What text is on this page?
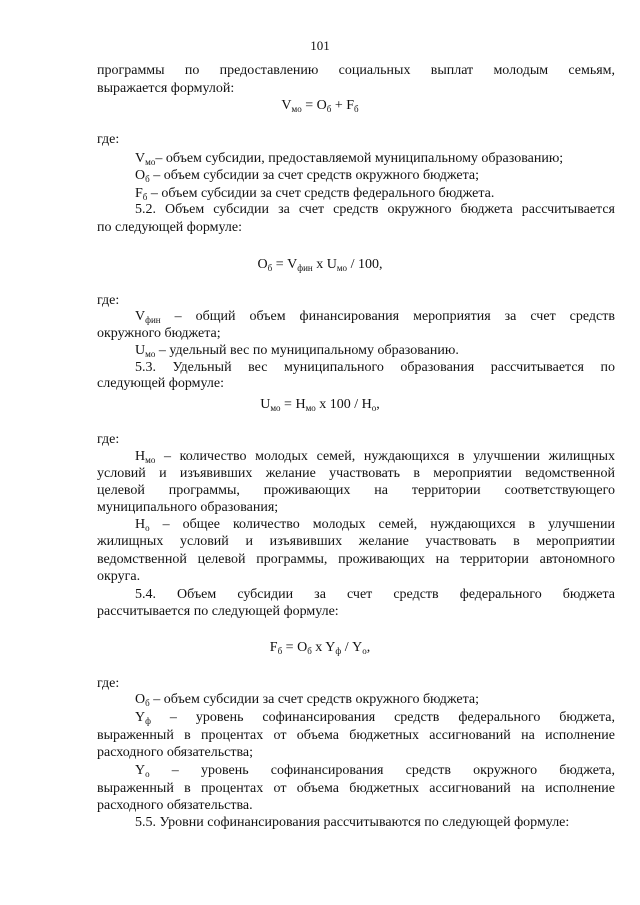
101
программы по предоставлению социальных выплат молодым семьям,
выражается формулой:
$V_{мо} = О_б + F_б$
где:
$V_{мо}-$ объем субсидии, предоставляемой муниципальному образованию;
$О_б$ – объем субсидии за счет средств окружного бюджета;
$F_б$ – объем субсидии за счет средств федерального бюджета.
5.2. Объем субсидии за счет средств окружного бюджета рассчитывается
по следующей формуле:
$О_б = V_{фин}$ x $U_{мо} / 100$,
где:
$V_{фин}$ – общий объем финансирования мероприятия за счет средств
окружного бюджета;
$U_{мо}$ – удельный вес по муниципальному образованию.
5.3. Удельный вес муниципального образования рассчитывается по
следующей формуле:
$U_{мо} = Н_{мо}$ x $100 / Н_о$,
где:
$Н_{мо}$ – количество молодых семей, нуждающихся в улучшении жилищных
условий и изъявивших желание участвовать в мероприятии ведомственной
целевой программы, проживающих на территории соответствующего
муниципального образования;
$Н_о$ – общее количество молодых семей, нуждающихся в улучшении
жилищных условий и изъявивших желание участвовать в мероприятии
ведомственной целевой программы, проживающих на территории автономного
округа.
5.4. Объем субсидии за счет средств федерального бюджета
рассчитывается по следующей формуле:
$F_б = О_б$ x $Y_ф / Y_о$,
где:
$О_б$ – объем субсидии за счет средств окружного бюджета;
$Y_ф$ – уровень софинансирования средств федерального бюджета,
выраженный в процентах от объема бюджетных ассигнований на исполнение
расходного обязательства;
$Y_о$ – уровень софинансирования средств окружного бюджета,
выраженный в процентах от объема бюджетных ассигнований на исполнение
расходного обязательства.
5.5. Уровни софинансирования рассчитываются по следующей формуле:
